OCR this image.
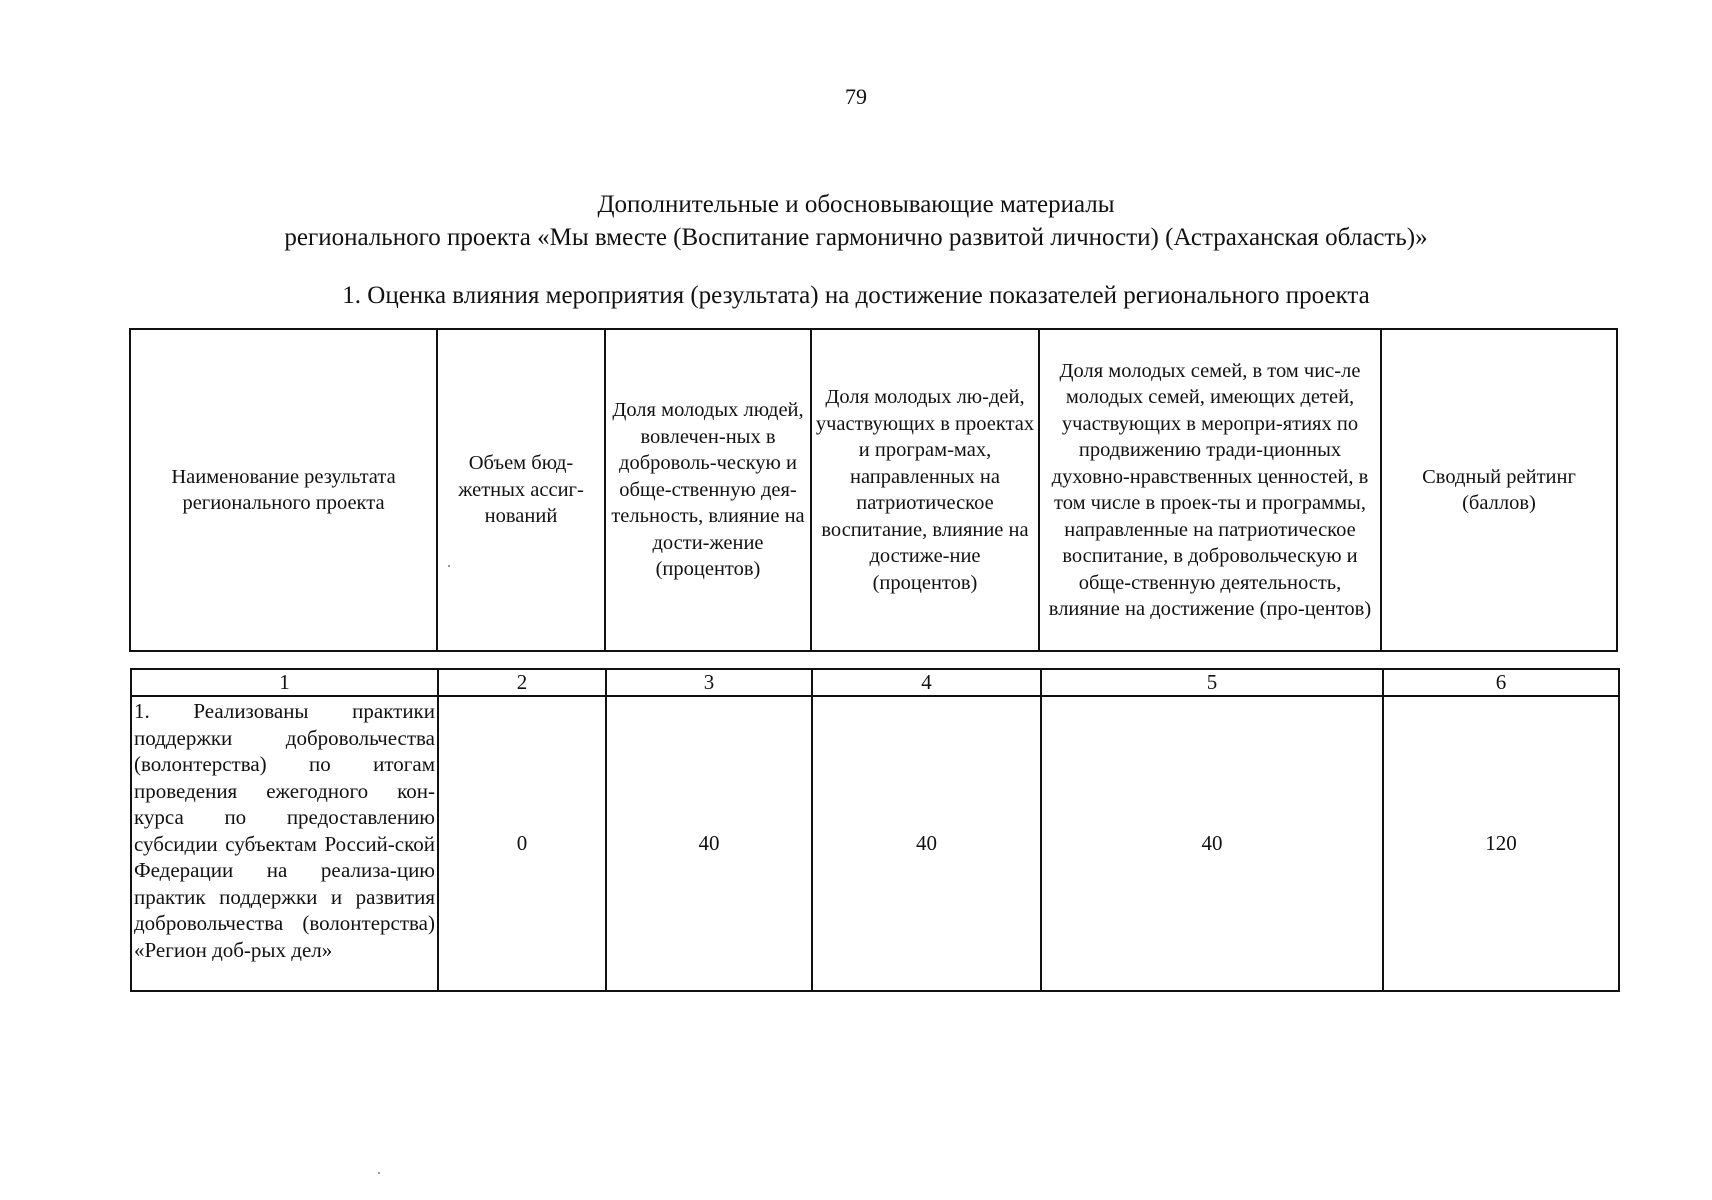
79
Дополнительные и обосновывающие материалы
регионального проекта «Мы вместе (Воспитание гармонично развитой личности) (Астраханская область)»
1. Оценка влияния мероприятия (результата) на достижение показателей регионального проекта
Наименование результата регионального проекта	Объем бюд-жетных ассиг-нований	Доля молодых людей, вовлечен-ных в доброволь-ческую и обще-ственную дея-тельность, влияние на дости-жение (процентов)	Доля молодых лю-дей, участвующих в проектах и програм-мах, направленных на патриотическое воспитание, влияние на достиже-ние (процентов)	Доля молодых семей, в том чис-ле молодых семей, имеющих детей, участвующих в меропри-ятиях по продвижению тради-ционных духовно-нравственных ценностей, в том числе в проек-ты и программы, направленные на патриотическое воспитание, в добровольческую и обще-ственную деятельность, влияние на достижение (про-центов)	Сводный рейтинг (баллов)
1	2	3	4	5	6
1. Реализованы практики поддержки добровольчества (волонтерства) по итогам проведения ежегодного кон-курса по предоставлению субсидии субъектам Россий-ской Федерации на реализа-цию практик поддержки и развития добровольчества (волонтерства) «Регион доб-рых дел»	0	40	40	40	120
